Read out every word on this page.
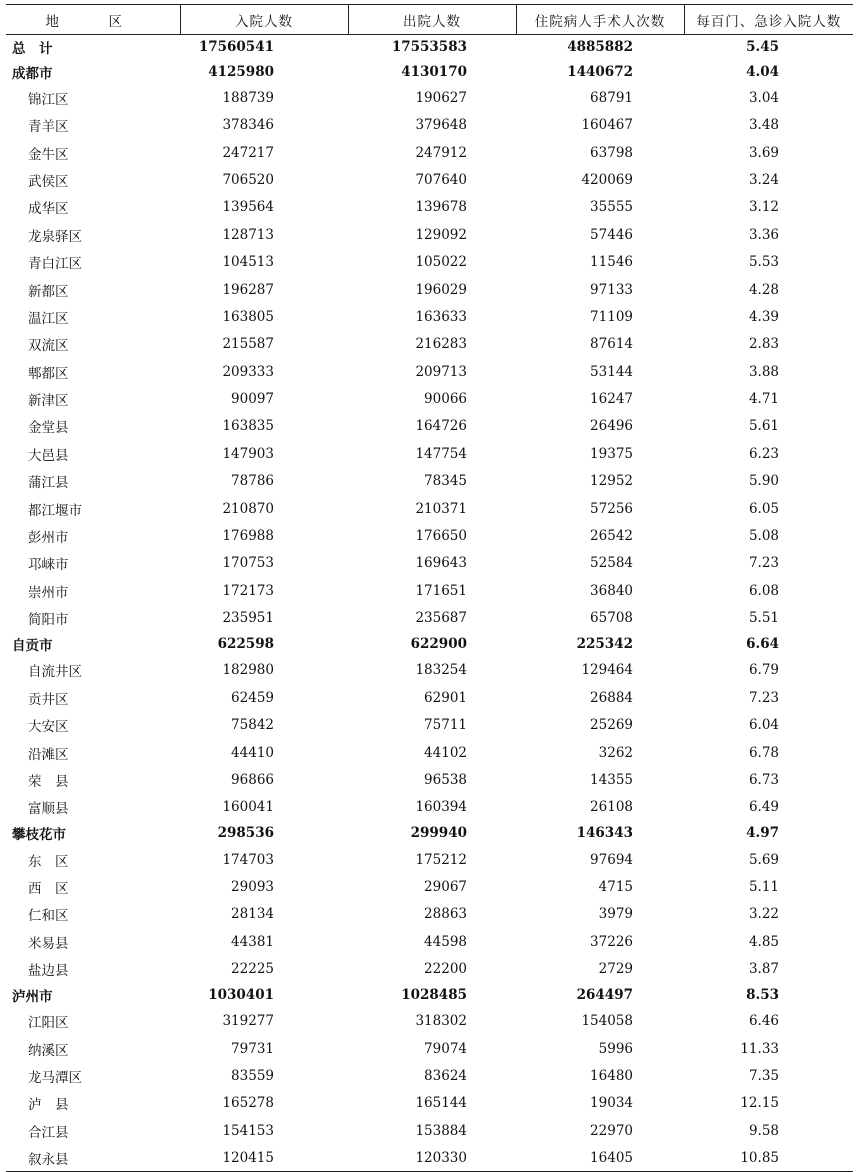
地　区	入院人数	出院人数	住院病人手术人次数	每百门、急诊入院人数
总　计	17560541	17553583	4885882	5.45
成都市	4125980	4130170	1440672	4.04
锦江区	188739	190627	68791	3.04
青羊区	378346	379648	160467	3.48
金牛区	247217	247912	63798	3.69
武侯区	706520	707640	420069	3.24
成华区	139564	139678	35555	3.12
龙泉驿区	128713	129092	57446	3.36
青白江区	104513	105022	11546	5.53
新都区	196287	196029	97133	4.28
温江区	163805	163633	71109	4.39
双流区	215587	216283	87614	2.83
郫都区	209333	209713	53144	3.88
新津区	90097	90066	16247	4.71
金堂县	163835	164726	26496	5.61
大邑县	147903	147754	19375	6.23
蒲江县	78786	78345	12952	5.90
都江堰市	210870	210371	57256	6.05
彭州市	176988	176650	26542	5.08
邛崃市	170753	169643	52584	7.23
崇州市	172173	171651	36840	6.08
简阳市	235951	235687	65708	5.51
自贡市	622598	622900	225342	6.64
自流井区	182980	183254	129464	6.79
贡井区	62459	62901	26884	7.23
大安区	75842	75711	25269	6.04
沿滩区	44410	44102	3262	6.78
荣　县	96866	96538	14355	6.73
富顺县	160041	160394	26108	6.49
攀枝花市	298536	299940	146343	4.97
东　区	174703	175212	97694	5.69
西　区	29093	29067	4715	5.11
仁和区	28134	28863	3979	3.22
米易县	44381	44598	37226	4.85
盐边县	22225	22200	2729	3.87
泸州市	1030401	1028485	264497	8.53
江阳区	319277	318302	154058	6.46
纳溪区	79731	79074	5996	11.33
龙马潭区	83559	83624	16480	7.35
泸　县	165278	165144	19034	12.15
合江县	154153	153884	22970	9.58
叙永县	120415	120330	16405	10.85
